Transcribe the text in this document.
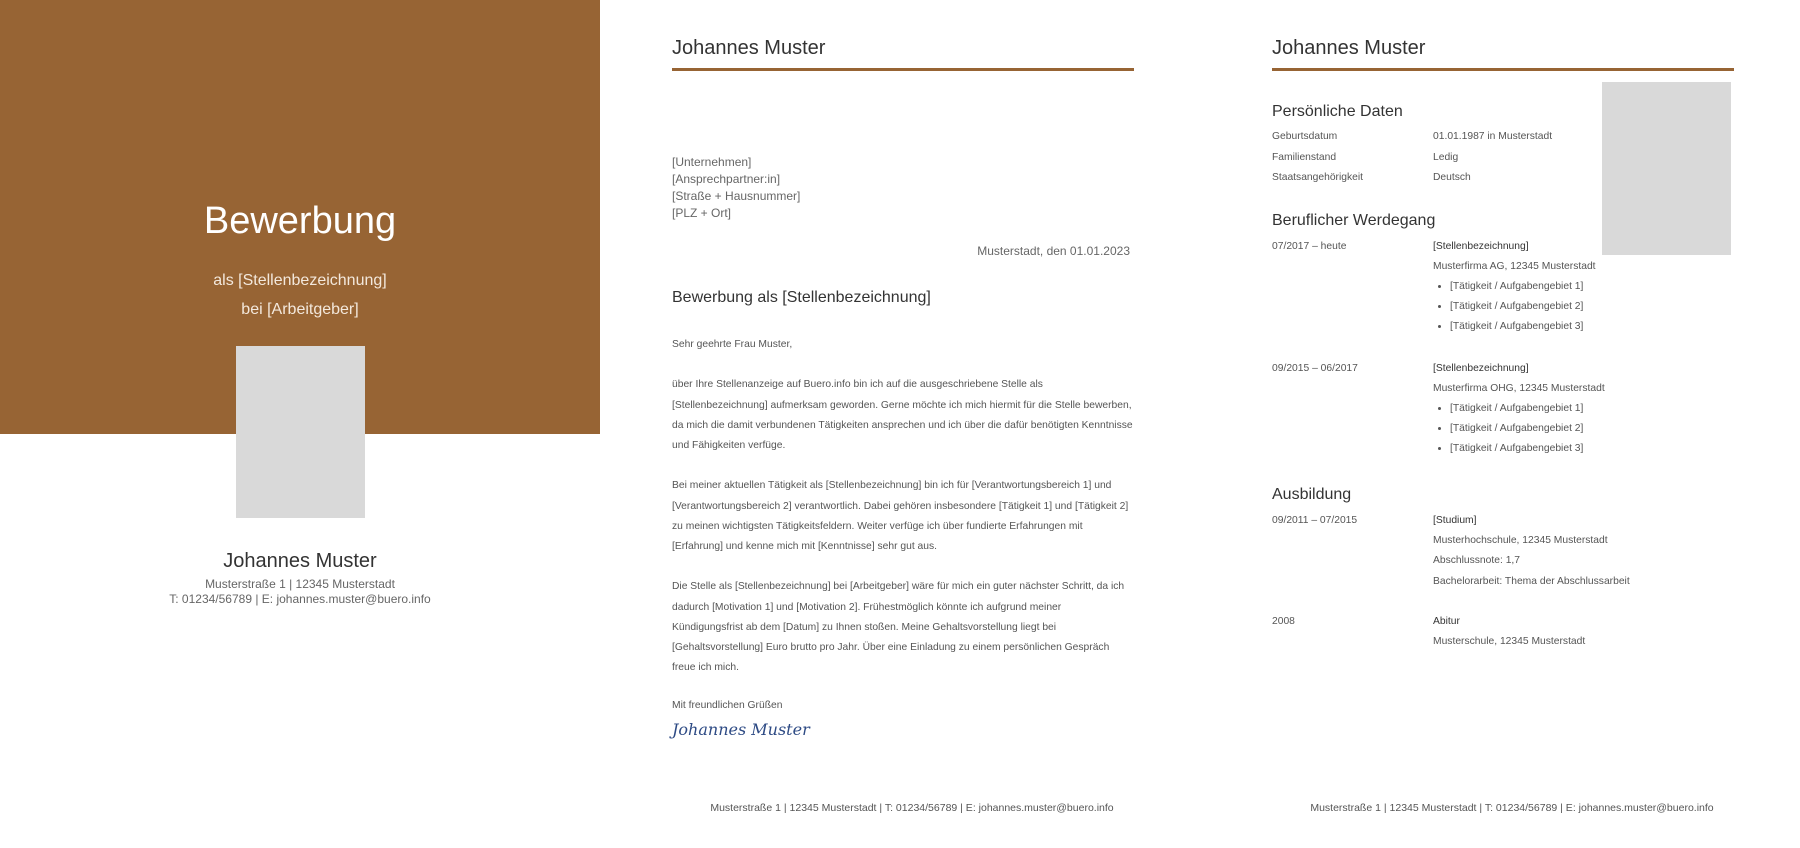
Bewerbung
als [Stellenbezeichnung]
bei [Arbeitgeber]
Johannes Muster
Musterstraße 1 | 12345 Musterstadt
T: 01234/56789 | E: johannes.muster@buero.info
Johannes Muster
[Unternehmen]
[Ansprechpartner:in]
[Straße + Hausnummer]
[PLZ + Ort]
Musterstadt, den 01.01.2023
Bewerbung als [Stellenbezeichnung]

Sehr geehrte Frau Muster,

über Ihre Stellenanzeige auf Buero.info bin ich auf die ausgeschriebene Stelle als [Stellenbezeichnung] aufmerksam geworden. Gerne möchte ich mich hiermit für die Stelle bewerben, da mich die damit verbundenen Tätigkeiten ansprechen und ich über die dafür benötigten Kenntnisse und Fähigkeiten verfüge.

Bei meiner aktuellen Tätigkeit als [Stellenbezeichnung] bin ich für [Verantwortungsbereich 1] und [Verantwortungsbereich 2] verantwortlich. Dabei gehören insbesondere [Tätigkeit 1] und [Tätigkeit 2] zu meinen wichtigsten Tätigkeitsfeldern. Weiter verfüge ich über fundierte Erfahrungen mit [Erfahrung] und kenne mich mit [Kenntnisse] sehr gut aus.

Die Stelle als [Stellenbezeichnung] bei [Arbeitgeber] wäre für mich ein guter nächster Schritt, da ich dadurch [Motivation 1] und [Motivation 2]. Frühestmöglich könnte ich aufgrund meiner Kündigungsfrist ab dem [Datum] zu Ihnen stoßen. Meine Gehaltsvorstellung liegt bei [Gehaltsvorstellung] Euro brutto pro Jahr. Über eine Einladung zu einem persönlichen Gespräch freue ich mich.

Mit freundlichen Grüßen
Johannes Muster
Musterstraße 1 | 12345 Musterstadt | T: 01234/56789 | E: johannes.muster@buero.info
Johannes Muster
Persönliche Daten
Geburtsdatum	01.01.1987 in Musterstadt
Familienstand	Ledig
Staatsangehörigkeit	Deutsch
Beruflicher Werdegang
07/2017 – heute	[Stellenbezeichnung]
Musterfirma AG, 12345 Musterstadt
• [Tätigkeit / Aufgabengebiet 1]
• [Tätigkeit / Aufgabengebiet 2]
• [Tätigkeit / Aufgabengebiet 3]
09/2015 – 06/2017	[Stellenbezeichnung]
Musterfirma OHG, 12345 Musterstadt
• [Tätigkeit / Aufgabengebiet 1]
• [Tätigkeit / Aufgabengebiet 2]
• [Tätigkeit / Aufgabengebiet 3]
Ausbildung
09/2011 – 07/2015	[Studium]
Musterhochschule, 12345 Musterstadt
Abschlussnote: 1,7
Bachelorarbeit: Thema der Abschlussarbeit
2008	Abitur
Musterschule, 12345 Musterstadt
Musterstraße 1 | 12345 Musterstadt | T: 01234/56789 | E: johannes.muster@buero.info
